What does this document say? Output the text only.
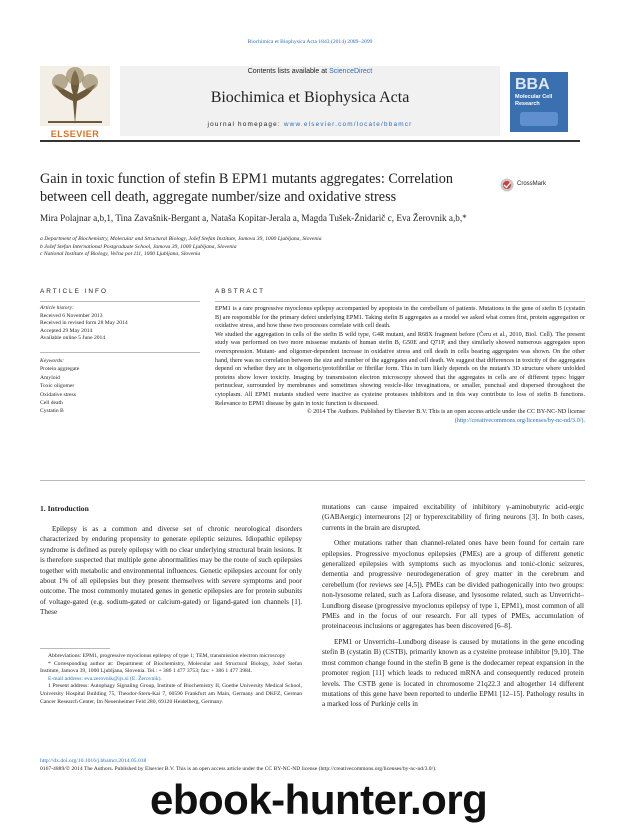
Biochimica et Biophysica Acta 1843 (2014) 2089–2099
ELSEVIER
Contents lists available at ScienceDirect
Biochimica et Biophysica Acta
journal homepage: www.elsevier.com/locate/bbamcr
BBA
Molecular Cell
Research
Gain in toxic function of stefin B EPM1 mutants aggregates: Correlation between cell death, aggregate number/size and oxidative stress
CrossMark
Mira Polajnar a,b,1, Tina Zavašnik-Bergant a, Nataša Kopitar-Jerala a, Magda Tušek-Žnidarič c, Eva Žerovnik a,b,*
a Department of Biochemistry, Molecular and Structural Biology, Jožef Stefan Institute, Jamova 39, 1000 Ljubljana, Slovenia
b Jožef Stefan International Postgraduate School, Jamova 39, 1000 Ljubljana, Slovenia
c National Institute of Biology, Večna pot 111, 1000 Ljubljana, Slovenia
ARTICLE INFO
Article history:
Received 6 November 2013
Received in revised form 28 May 2014
Accepted 29 May 2014
Available online 5 June 2014
Keywords:
Protein aggregate
Amyloid
Toxic oligomer
Oxidative stress
Cell death
Cystatin B
ABSTRACT

EPM1 is a rare progressive myoclonus epilepsy accompanied by apoptosis in the cerebellum of patients. Mutations in the gene of stefin B (cystatin B) are responsible for the primary defect underlying EPM1. Taking stefin B aggregates as a model we asked what comes first, protein aggregation or oxidative stress, and how these two processes correlate with cell death.

We studied the aggregation in cells of the stefin B wild type, G4R mutant, and R68X fragment before (Čeru et al., 2010, Biol. Cell). The present study was performed on two more missense mutants of human stefin B, G50E and Q71P, and they similarly showed numerous aggregates upon overexpression. Mutant- and oligomer-dependent increase in oxidative stress and cell death in cells bearing aggregates was shown. On the other hand, there was no correlation between the size and number of the aggregates and cell death. We suggest that differences in toxicity of the aggregates depend on whether they are in oligomeric/protofibrillar or fibrillar form. This in turn likely depends on the mutant's 3D structure where unfolded proteins show lower toxicity. Imaging by transmission electron microscopy showed that the aggregates in cells are of different types: bigger perinuclear, surrounded by membranes and sometimes showing vesicle-like invaginations, or smaller, punctual and dispersed throughout the cytoplasm. All EPM1 mutants studied were inactive as cysteine proteases inhibitors and in this way contribute to loss of stefin B functions. Relevance to EPM1 disease by gain in toxic function is discussed.

© 2014 The Authors. Published by Elsevier B.V. This is an open access article under the CC BY-NC-ND license (http://creativecommons.org/licenses/by-nc-nd/3.0/).

1. Introduction

Epilepsy is as a common and diverse set of chronic neurological disorders characterized by enduring propensity to generate epileptic seizures. Idiopathic epilepsy syndrome is defined as purely epilepsy with no clear underlying structural brain lesions. It is therefore suspected that multiple gene abnormalities may be the route of such epilepsies together with metabolic and environmental influences. Genetic epilepsies account for only about 1% of all epilepsies but they present themselves with severe symptoms and poor outcome. The most commonly mutated genes in genetic epilepsies are for protein subunits of voltage-gated (e.g. sodium-gated or calcium-gated) or ligand-gated ion channels [1]. These

Abbreviations: EPM1, progressive myoclonus epilepsy of type 1; TEM, transmission electron microscopy
* Corresponding author at: Department of Biochemistry, Molecular and Structural Biology, Jožef Stefan Institute, Jamova 39, 1000 Ljubljana, Slovenia. Tel.: + 386 1 477 3753; fax: + 386 1 477 3984.
E-mail address: eva.zerovnik@ijs.si (E. Žerovnik).
1 Present address: Autophagy Signaling Group, Institute of Biochemistry II, Goethe University Medical School, University Hospital Building 75, Theodor-Stern-Kai 7, 60590 Frankfurt am Main, Germany and DKFZ, German Cancer Research Center, Im Neuenheimer Feld 280, 69120 Heidelberg, Germany.

mutations can cause impaired excitability of inhibitory γ-aminobutyric acid-ergic (GABAergic) interneurons [2] or hyperexcitability of firing neurons [3]. In both cases, currents in the brain are disrupted.

Other mutations rather than channel-related ones have been found for certain rare epilepsies. Progressive myoclonus epilepsies (PMEs) are a group of different genetic generalized epilepsies with symptoms such as myoclonus and tonic-clonic seizures, dementia and progressive neurodegeneration of grey matter in the cerebrum and cerebellum (for reviews see [4,5]). PMEs can be divided pathogenically into two groups: non-lysosome related, such as Lafora disease, and lysosome related, such as Unverricht–Lundborg disease (progressive myoclonus epilepsy of type 1, EPM1), most common of all PMEs and in the focus of our research. For all types of PMEs, accumulation of proteinaceous inclusions or aggregates has been discovered [6–8].

EPM1 or Unverricht–Lundborg disease is caused by mutations in the gene encoding stefin B (cystatin B) (CSTB), primarily known as a cysteine protease inhibitor [9,10]. The most common change found in the stefin B gene is the dodecamer repeat expansion in the promoter region [11] which leads to reduced mRNA and consequently reduced protein levels. The CSTB gene is located in chromosome 21q22.3 and altogether 14 different mutations of this gene have been reported to underlie EPM1 [12–15]. Pathology results in a marked loss of Purkinje cells in

http://dx.doi.org/10.1016/j.bbamcr.2014.05.018
0167-4889/© 2014 The Authors. Published by Elsevier B.V. This is an open access article under the CC BY-NC-ND license (http://creativecommons.org/licenses/by-nc-nd/3.0/).
ebook-hunter.org
